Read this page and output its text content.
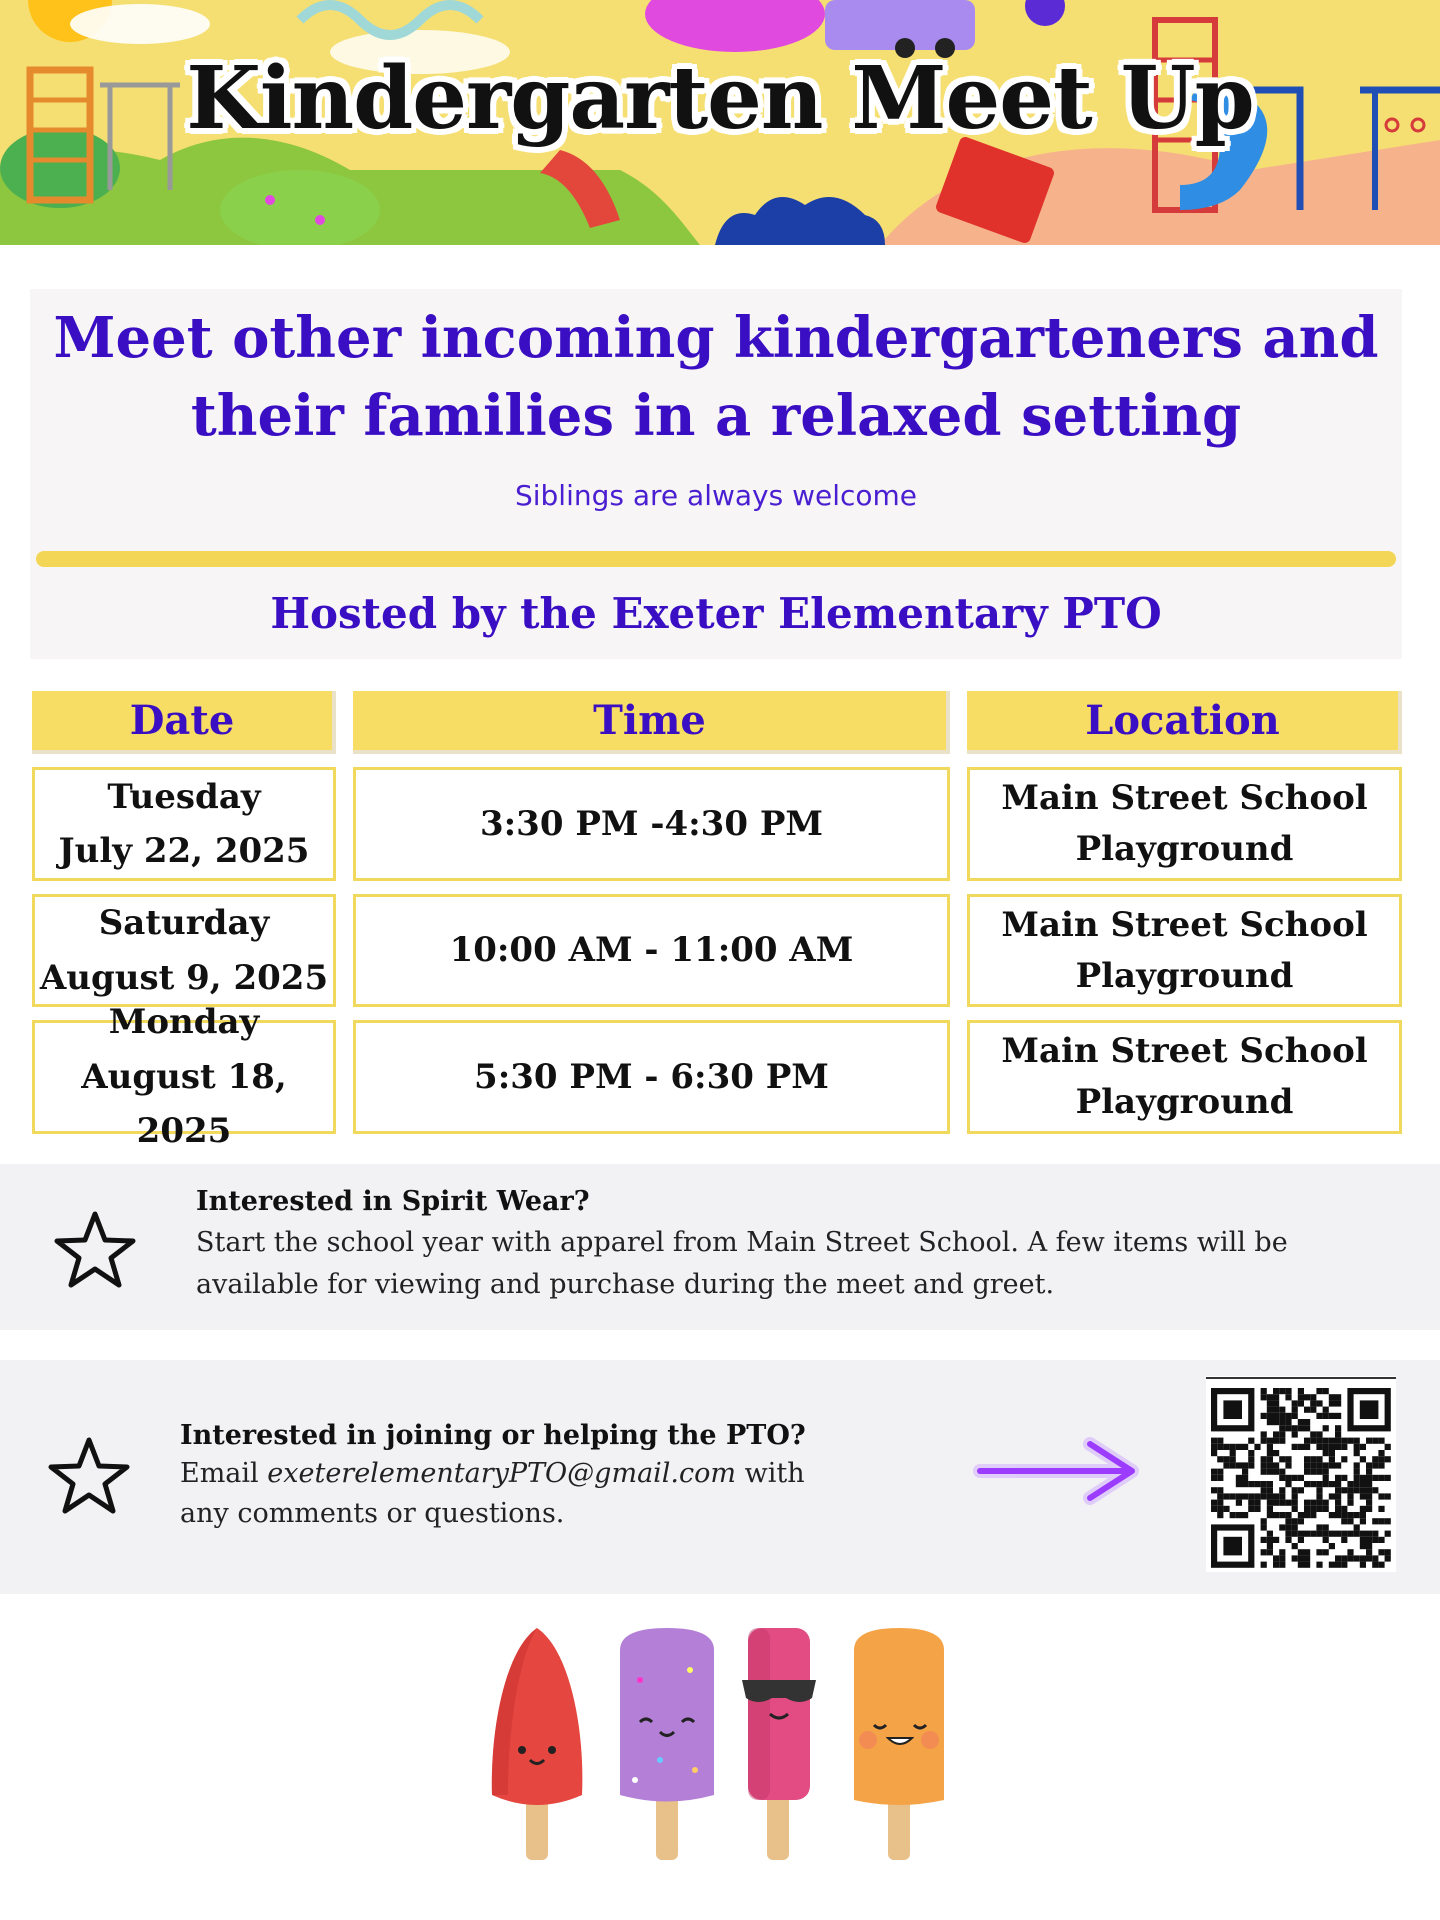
Kindergarten Meet Up
Meet other incoming kindergarteners and their families in a relaxed setting
Siblings are always welcome
Hosted by the Exeter Elementary PTO
Date	Time	Location
Tuesday
July 22, 2025
3:30 PM -4:30 PM
Main Street School
Playground
Saturday
August 9, 2025
10:00 AM - 11:00 AM
Main Street School
Playground
Monday
August 18, 2025
5:30 PM - 6:30 PM
Main Street School
Playground
Interested in Spirit Wear?
Start the school year with apparel from Main Street School. A few items will be available for viewing and purchase during the meet and greet.
Interested in joining or helping the PTO?
Email exeterelementaryPTO@gmail.com with any comments or questions.
